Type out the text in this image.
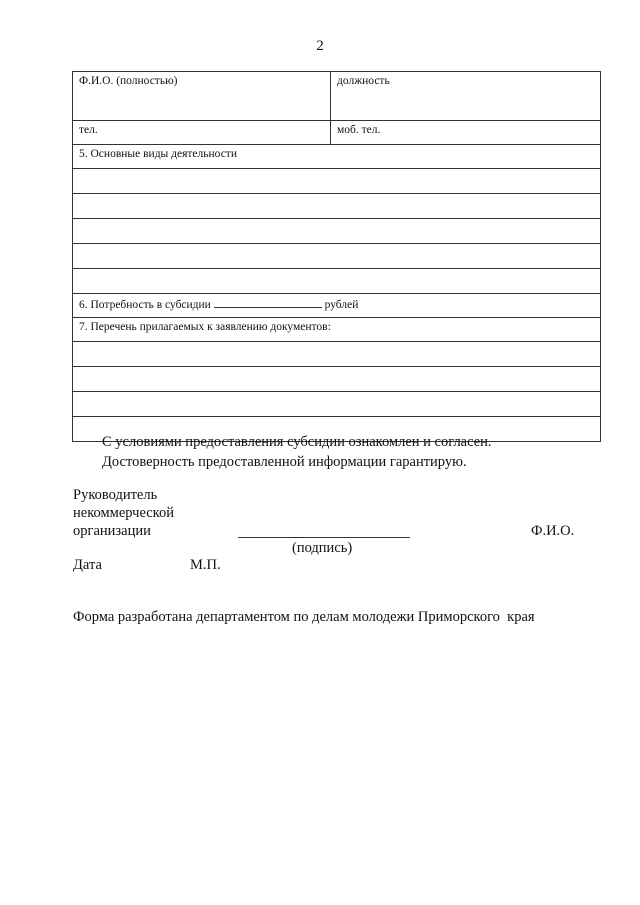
2
Ф.И.О. (полностью)	должность
тел.	моб. тел.
5. Основные виды деятельности	

6. Потребность в субсидии рублей	
7. Перечень прилагаемых к заявлению документов:	

С условиями предоставления субсидии ознакомлен и согласен.
Достоверность предоставленной информации гарантирую.
Руководитель
некоммерческой
организации
(подпись)
Ф.И.О.
Дата	М.П.
Форма разработана департаментом по делам молодежи Приморского  края
